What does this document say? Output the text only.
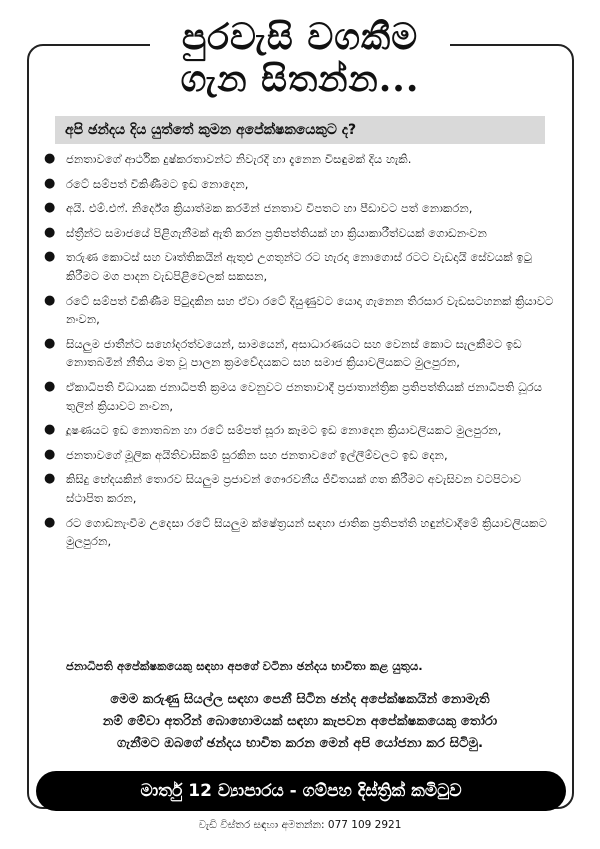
පුරවැසි වගකීම
ගැන සිතන්න...
අපි ඡන්දය දිය යුත්තේ කුමන අපේක්ෂකයෙකුට ද?
● ජනතාවගේ ආර්ථික දුෂ්කරතාවන්ට නිවැරදි හා දැනෙන විසඳුමක් දිය හැකි.
● රටේ සම්පත් විකිණීමට ඉඩ නොදෙන,
● අයි. එම්.එෆ්. නිර්දේශ ක්‍රියාත්මක කරමින් ජනතාව විපතට හා පීඩාවට පත් නොකරන,
● ස්ත්‍රීන්ට සමාජයේ පිළිගැනීමක් ඇති කරන ප්‍රතිපත්තියක් හා ක්‍රියාකාරීත්වයක් ගොඩනංවන
● තරුණ කොටස් සහ වෘත්තිකයින් ඇතුළු උගතුන්ට රට හැරදා නොගොස් රටට වැඩදායි සේවයක් ඉටු කිරීමට මග පාදන වැඩපිළිවෙලක් සකසන,
● රටේ සම්පත් විකිණීම පිටුදකින සහ ඒවා රටේ දියුණුවට යොදා ගැනෙන තිරසාර වැඩසටහනක් ක්‍රියාවට නංවන,
● සියලුම ජාතීන්ට සහෝදරත්වයෙන්, සාමයෙන්, අසාධාරණයට සහ වෙනස් කොට සැලකීමට ඉඩ නොතබමින් නීතිය මත වූ පාලන ක්‍රමවේදයකට සහ සමාජ ක්‍රියාවලියකට මුලපුරන,
● ඒකාධිපති විධායක ජනාධිපති ක්‍රමය වෙනුවට ජනතාවාදී ප්‍රජාතාන්ත්‍රික ප්‍රතිපත්තියක් ජනාධිපති ධූරය තුලින් ක්‍රියාවට නංවන,
● දූෂණයට ඉඩ නොතබන හා රටේ සම්පත් සූරා කෑමට ඉඩ නොදෙන ක්‍රියාවලියකට මුලපුරන,
● ජනතාවගේ මූලික අයිතිවාසිකම් සුරකින සහ ජනතාවගේ ඉල්ලීම්වලට ඉඩ දෙන,
● කිසිදු භේදයකින් තොරව සියලුම ප්‍රජාවන් ගෞරවනීය ජීවිතයක් ගත කිරීමට අවැසිවන වටපිටාව ස්ථාපිත කරන,
● රට ගොඩනැංවීම උදෙසා රටේ සියලුම ක්ෂේත්‍රයන් සඳහා ජාතික ප්‍රතිපත්ති හඳුන්වාදීමේ ක්‍රියාවලියකට මුලපුරන,
ජනාධිපති අපේක්ෂකයෙකු සඳහා අපගේ වටිනා ඡන්දය භාවිතා කළ යුතුය.
මෙම කරුණු සියල්ල සඳහා පෙනී සිටින ඡන්ද අපේක්ෂකයින් නොමැති
නම් මේවා අතරින් බොහොමයක් සඳහා කැපවන අපේක්ෂකයෙකු තෝරා
ගැනීමට ඔබගේ ඡන්දය භාවිත කරන මෙන් අපි යෝජනා කර සිටිමු.
මාර්තු 12 ව්‍යාපාරය - ගම්පහ දිස්ත්‍රික් කමිටුව
වැඩි විස්තර සඳහා අමතන්න: 077 109 2921
